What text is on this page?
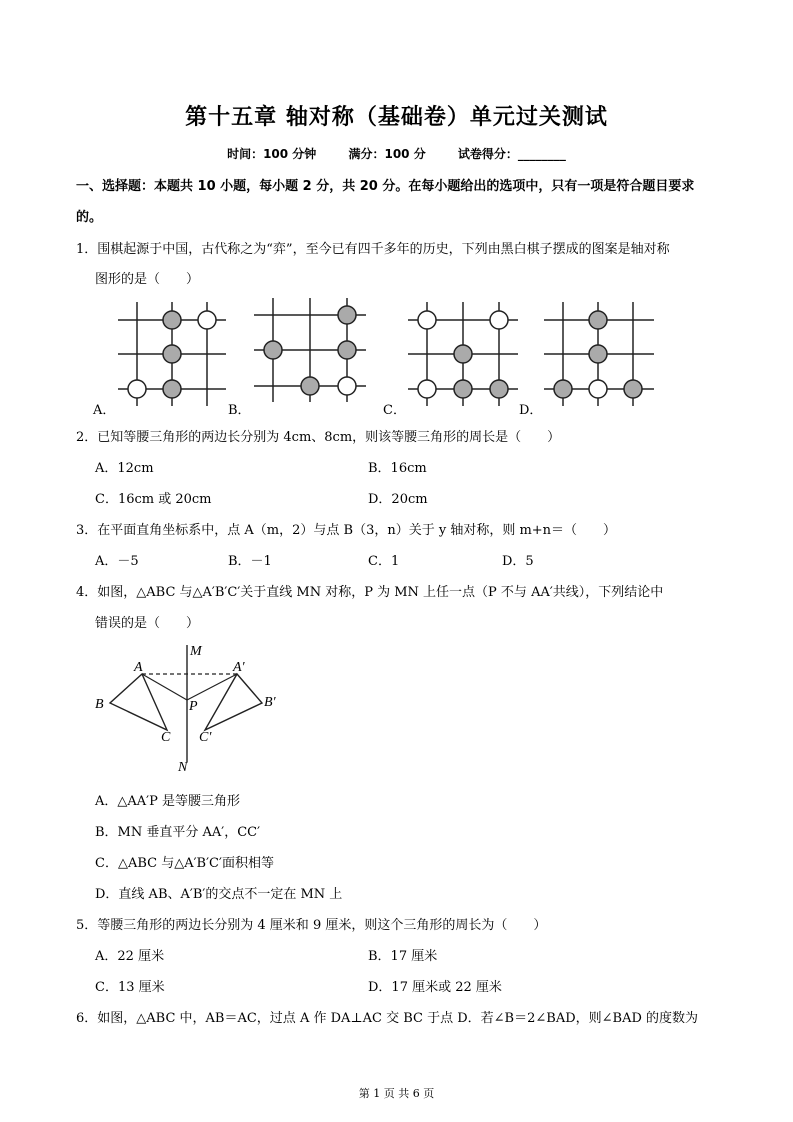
第十五章 轴对称（基础卷）单元过关测试
时间：100 分钟	满分：100 分	试卷得分：________
一、选择题：本题共 10 小题，每小题 2 分，共 20 分。在每小题给出的选项中，只有一项是符合题目要求
的。
1．围棋起源于中国，古代称之为“弈”，至今已有四千多年的历史，下列由黑白棋子摆成的图案是轴对称
图形的是（　　）
A．	B．	C．	D．
2．已知等腰三角形的两边长分别为 4cm、8cm，则该等腰三角形的周长是（　　）
A．12cm	B．16cm
C．16cm 或 20cm	D．20cm
3．在平面直角坐标系中，点 A（m，2）与点 B（3，n）关于 y 轴对称，则 m+n＝（　　）
A．－5	B．－1	C．1	D．5
4．如图，△ABC 与△A′B′C′关于直线 MN 对称，P 为 MN 上任一点（P 不与 AA′共线），下列结论中
错误的是（　　）
M
N
A	A′
B	B′
C C′
P
A．△AA′P 是等腰三角形
B．MN 垂直平分 AA′，CC′
C．△ABC 与△A′B′C′面积相等
D．直线 AB、A′B′的交点不一定在 MN 上
5．等腰三角形的两边长分别为 4 厘米和 9 厘米，则这个三角形的周长为（　　）
A．22 厘米	B．17 厘米
C．13 厘米	D．17 厘米或 22 厘米
6．如图，△ABC 中，AB＝AC，过点 A 作 DA⊥AC 交 BC 于点 D．若∠B＝2∠BAD，则∠BAD 的度数为
第 1 页 共 6 页
